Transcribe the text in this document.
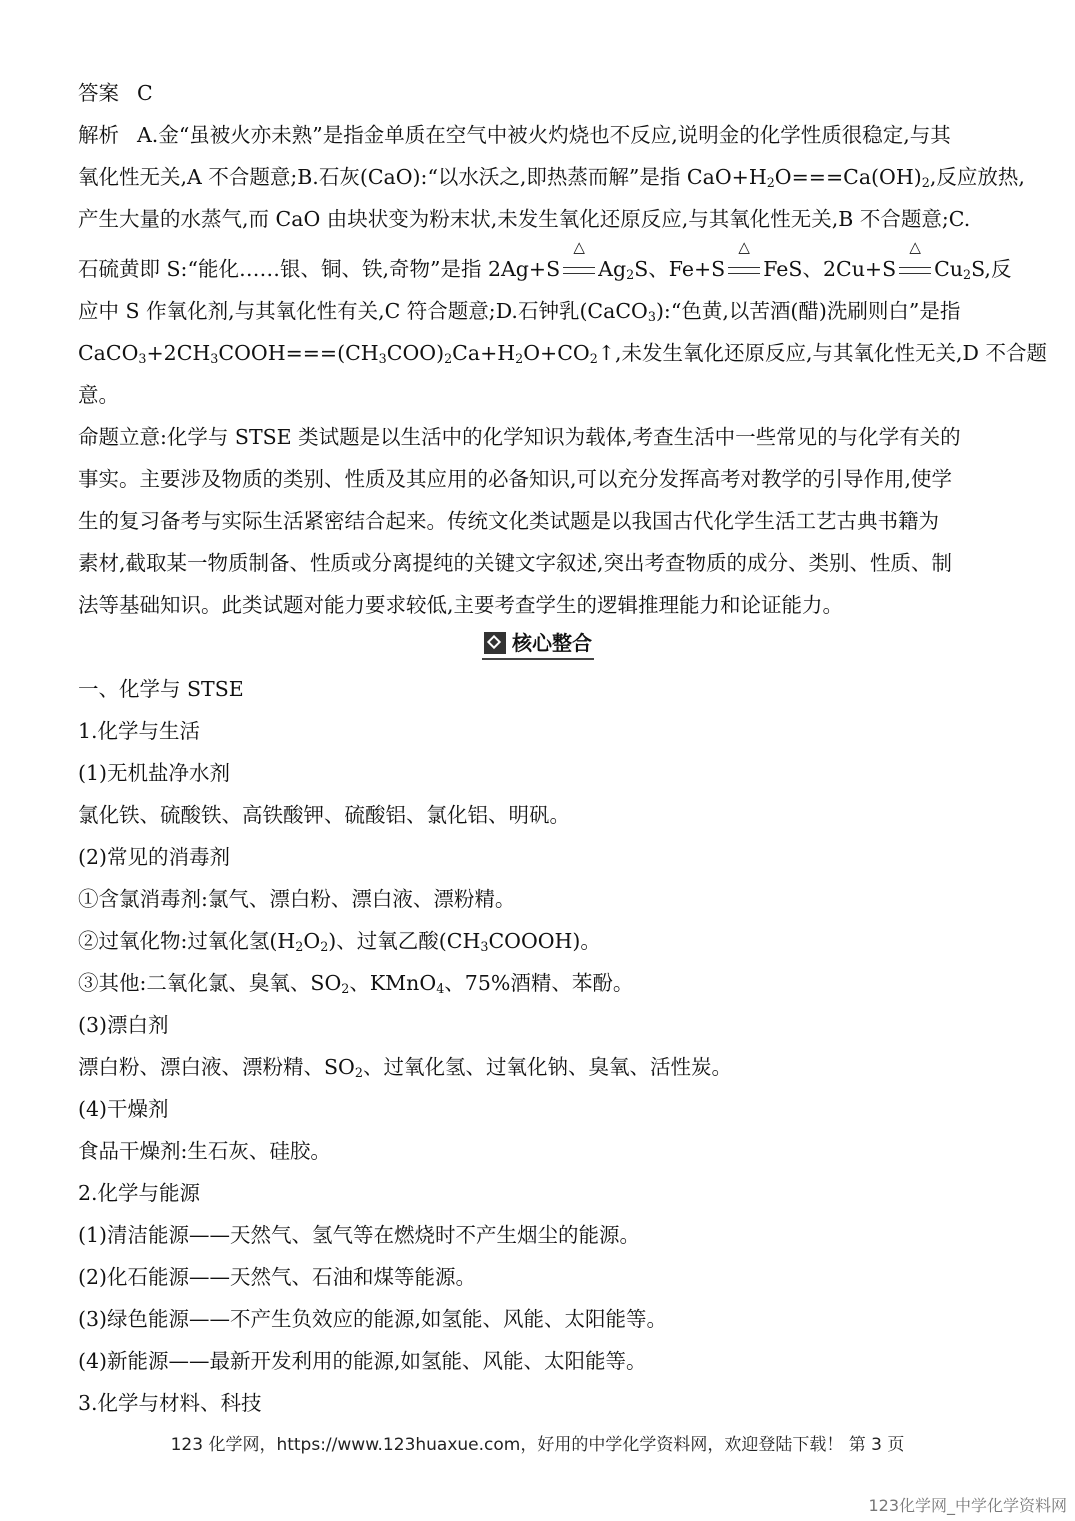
答案 C
解析 A.金“虽被火亦未熟”是指金单质在空气中被火灼烧也不反应,说明金的化学性质很稳定,与其
氧化性无关,A 不合题意;B.石灰(CaO):“以水沃之,即热蒸而解”是指 $CaO+H_2O===Ca(OH)_2$,反应放热,
产生大量的水蒸气,而 CaO 由块状变为粉末状,未发生氧化还原反应,与其氧化性无关,B 不合题意;C.
石硫黄即 S:“能化……银、铜、铁,奇物”是指 2Ag+S
△
$Ag_2S$、Fe+S
△
FeS、2Cu+S
△
$Cu_2S$,反
应中 S 作氧化剂,与其氧化性有关,C 符合题意;D.石钟乳(CaCO$_3$):“色黄,以苦酒(醋)洗刷则白”是指
$CaCO_3+2CH_3COOH===(CH_3COO)_2Ca+H_2O+CO_2↑$,未发生氧化还原反应,与其氧化性无关,D 不合题
意。
命题立意:化学与 STSE 类试题是以生活中的化学知识为载体,考查生活中一些常见的与化学有关的
事实。主要涉及物质的类别、性质及其应用的必备知识,可以充分发挥高考对教学的引导作用,使学
生的复习备考与实际生活紧密结合起来。传统文化类试题是以我国古代化学生活工艺古典书籍为
素材,截取某一物质制备、性质或分离提纯的关键文字叙述,突出考查物质的成分、类别、性质、制
法等基础知识。此类试题对能力要求较低,主要考查学生的逻辑推理能力和论证能力。
核心整合
一、化学与 STSE
1.化学与生活
(1)无机盐净水剂
氯化铁、硫酸铁、高铁酸钾、硫酸铝、氯化铝、明矾。
(2)常见的消毒剂
①含氯消毒剂:氯气、漂白粉、漂白液、漂粉精。
②过氧化物:过氧化氢$(H_2O_2)$、过氧乙酸$(CH_3COOOH)$。
③其他:二氧化氯、臭氧、$SO_2$、KMnO$_4$、75%酒精、苯酚。
(3)漂白剂
漂白粉、漂白液、漂粉精、$SO_2$、过氧化氢、过氧化钠、臭氧、活性炭。
(4)干燥剂
食品干燥剂:生石灰、硅胶。
2.化学与能源
(1)清洁能源——天然气、氢气等在燃烧时不产生烟尘的能源。
(2)化石能源——天然气、石油和煤等能源。
(3)绿色能源——不产生负效应的能源,如氢能、风能、太阳能等。
(4)新能源——最新开发利用的能源,如氢能、风能、太阳能等。
3.化学与材料、科技
123 化学网，https://www.123huaxue.com，好用的中学化学资料网，欢迎登陆下载！ 第 3 页
123化学网_中学化学资料网
